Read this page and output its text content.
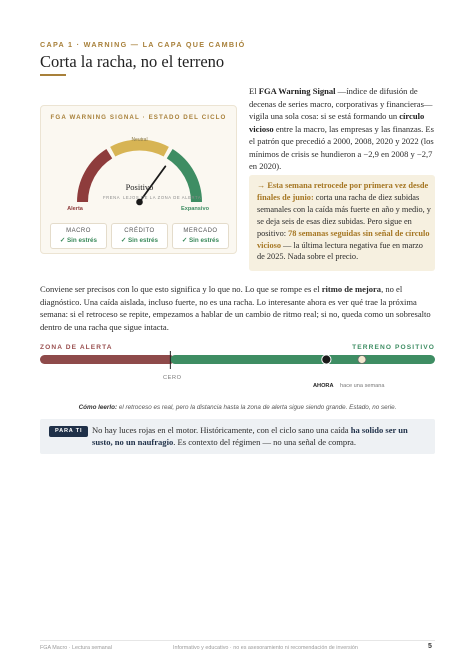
CAPA 1 · WARNING — LA CAPA QUE CAMBIÓ
Corta la racha, no el terreno
FGA WARNING SIGNAL · ESTADO DEL CICLO
Alerta
Neutral
Expansivo
Positivo
FRENA LEJOS DE LA ZONA DE ALERTA
MACRO
✓ Sin estrés
CRÉDITO
✓ Sin estrés
MERCADO
✓ Sin estrés
El FGA Warning Signal —índice de difusión de decenas de series macro, corporativas y financieras— vigila una sola cosa: si se está formando un círculo vicioso entre la macro, las empresas y las finanzas. Es el patrón que precedió a 2000, 2008, 2020 y 2022 (los mínimos de crisis se hundieron a −2,9 en 2008 y −2,7 en 2020).
→ Esta semana retrocede por primera vez desde finales de junio: corta una racha de diez subidas semanales con la caída más fuerte en año y medio, y se deja seis de esas diez subidas. Pero sigue en positivo: 78 semanas seguidas sin señal de círculo vicioso — la última lectura negativa fue en marzo de 2025. Nada sobre el precio.
Conviene ser precisos con lo que esto significa y lo que no. Lo que se rompe es el ritmo de mejora, no el diagnóstico. Una caída aislada, incluso fuerte, no es una racha. Lo interesante ahora es ver qué trae la próxima semana: si el retroceso se repite, empezamos a hablar de un cambio de ritmo real; si no, queda como un sobresalto dentro de una racha que sigue intacta.
ZONA DE ALERTA	TERRENO POSITIVO
CERO
AHORA hace una semana
Cómo leerlo: el retroceso es real, pero la distancia hasta la zona de alerta sigue siendo grande. Estado, no serie.
PARA TI	No hay luces rojas en el motor. Históricamente, con el ciclo sano una caída ha solido ser un susto, no un naufragio. Es contexto del régimen — no una señal de compra.
FGA Macro · Lectura semanal	Informativo y educativo · no es asesoramiento ni recomendación de inversión	5
